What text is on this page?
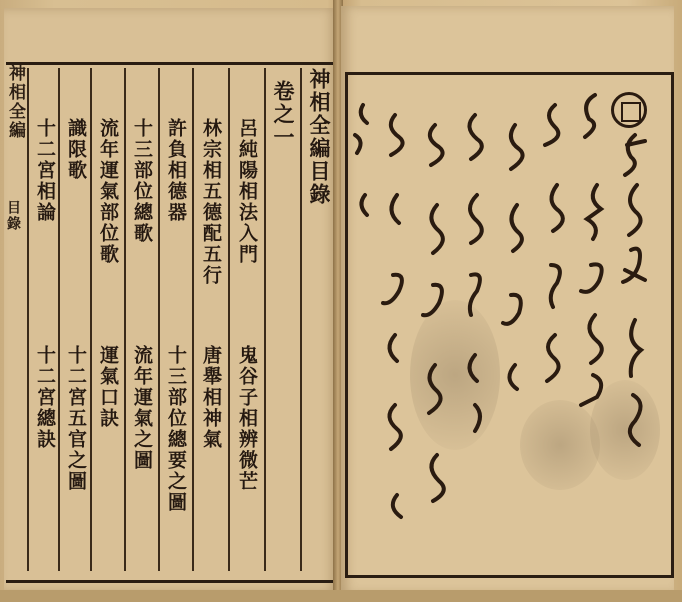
神相全編
目錄
神相全編目錄
卷之一
呂純陽相法入門
鬼谷子相辨微芒
林宗相五德配五行
唐舉相神氣
許負相德器
十三部位總歌
十三部位總要之圖
流年運氣部位歌
流年運氣之圖
識限歌
運氣口訣
十二宮相論
十二宮五官之圖
十二宮總訣
